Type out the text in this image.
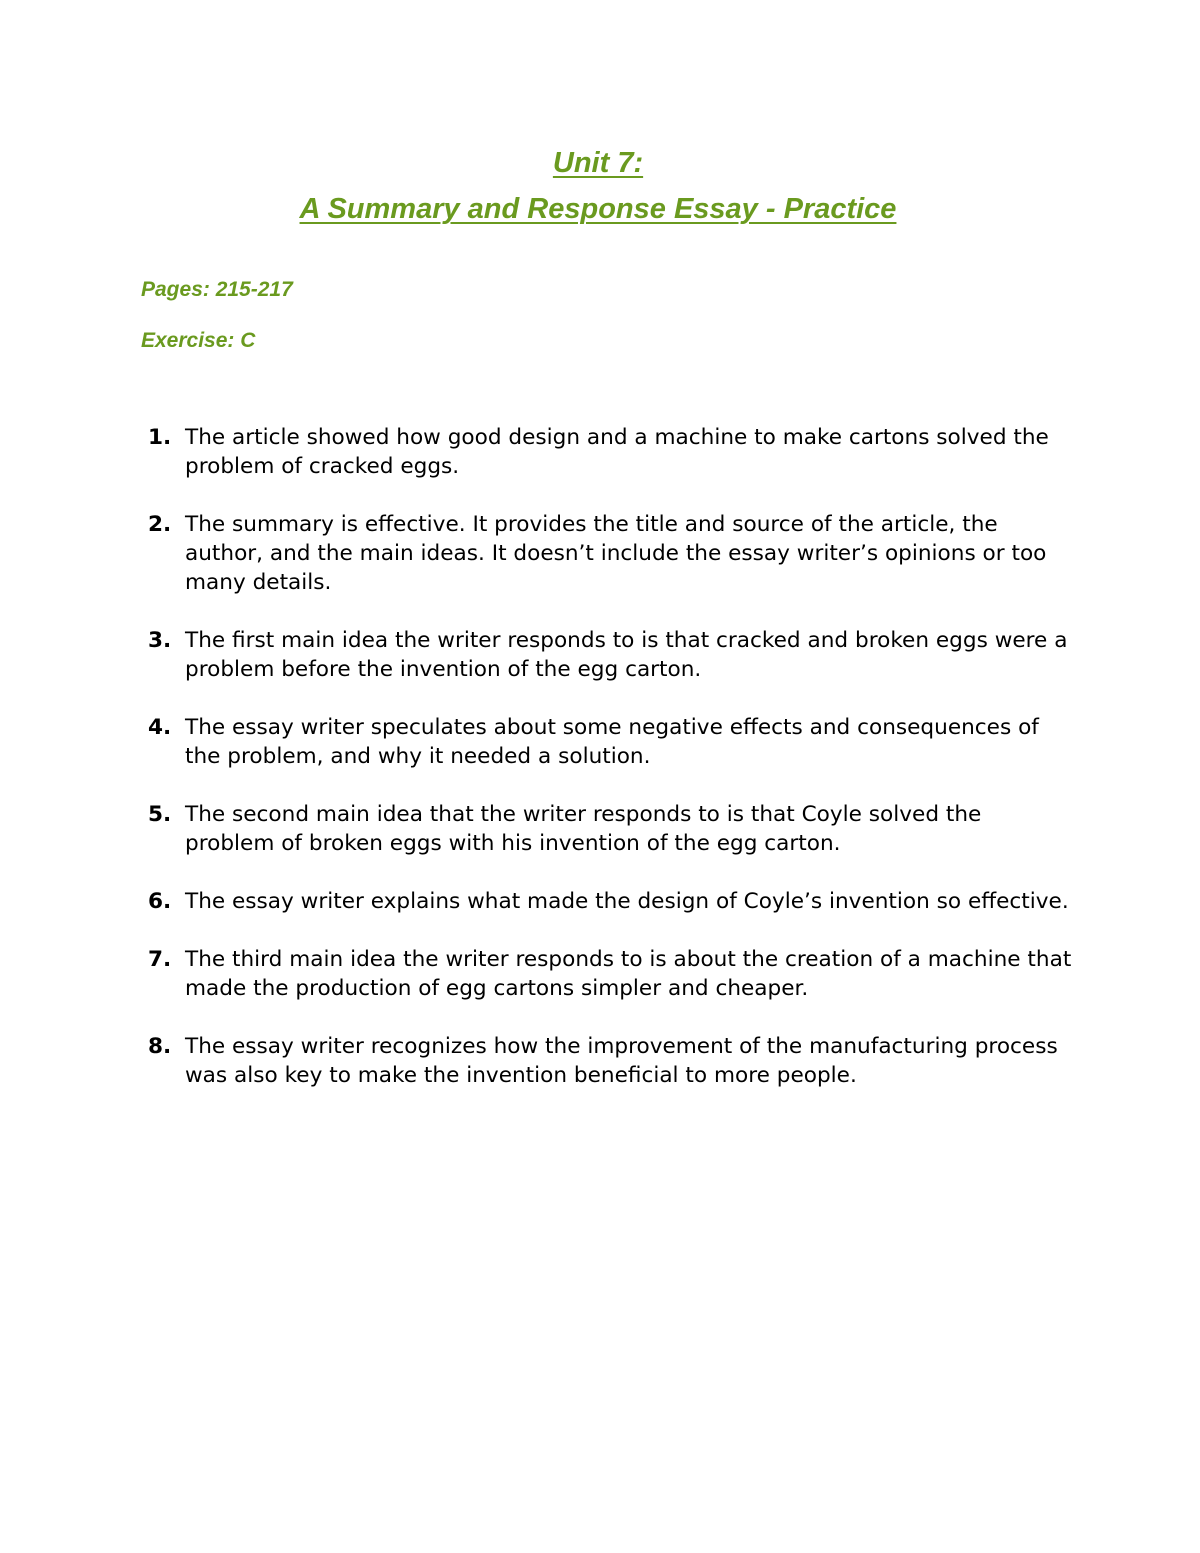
Unit 7:
A Summary and Response Essay - Practice
Pages: 215-217
Exercise: C
1. The article showed how good design and a machine to make cartons solved the problem of cracked eggs.
2. The summary is effective. It provides the title and source of the article, the author, and the main ideas. It doesn’t include the essay writer’s opinions or too many details.
3. The first main idea the writer responds to is that cracked and broken eggs were a problem before the invention of the egg carton.
4. The essay writer speculates about some negative effects and consequences of the problem, and why it needed a solution.
5. The second main idea that the writer responds to is that Coyle solved the problem of broken eggs with his invention of the egg carton.
6. The essay writer explains what made the design of Coyle’s invention so effective.
7. The third main idea the writer responds to is about the creation of a machine that made the production of egg cartons simpler and cheaper.
8. The essay writer recognizes how the improvement of the manufacturing process was also key to make the invention beneficial to more people.
